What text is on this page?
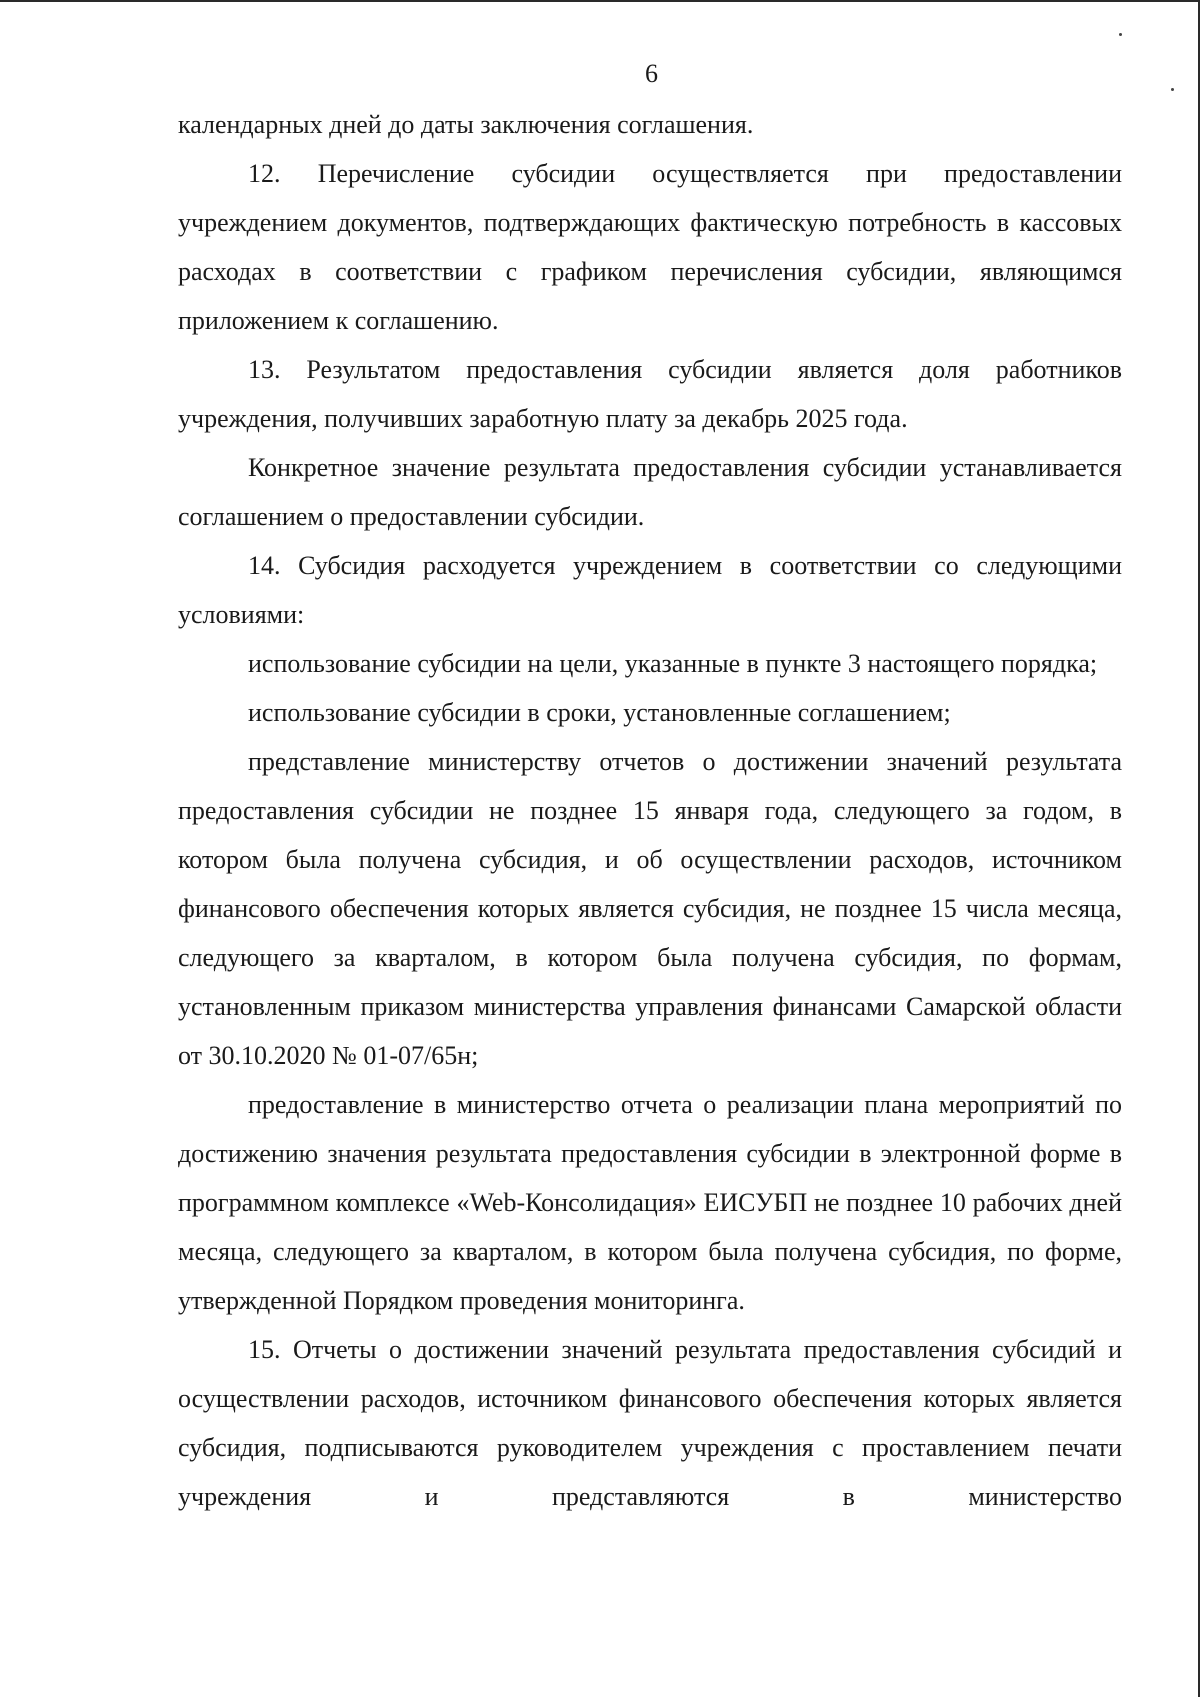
6

календарных дней до даты заключения соглашения.

12. Перечисление субсидии осуществляется при предоставлении учреждением документов, подтверждающих фактическую потребность в кассовых расходах в соответствии с графиком перечисления субсидии, являющимся приложением к соглашению.

13. Результатом предоставления субсидии является доля работников учреждения, получивших заработную плату за декабрь 2025 года.

Конкретное значение результата предоставления субсидии устанавливается соглашением о предоставлении субсидии.

14. Субсидия расходуется учреждением в соответствии со следующими условиями:

использование субсидии на цели, указанные в пункте 3 настоящего порядка;

использование субсидии в сроки, установленные соглашением;

представление министерству отчетов о достижении значений результата предоставления субсидии не позднее 15 января года, следующего за годом, в котором была получена субсидия, и об осуществлении расходов, источником финансового обеспечения которых является субсидия, не позднее 15 числа месяца, следующего за кварталом, в котором была получена субсидия, по формам, установленным приказом министерства управления финансами Самарской области от 30.10.2020 № 01-07/65н;

предоставление в министерство отчета о реализации плана мероприятий по достижению значения результата предоставления субсидии в электронной форме в программном комплексе «Web-Консолидация» ЕИСУБП не позднее 10 рабочих дней месяца, следующего за кварталом, в котором была получена субсидия, по форме, утвержденной Порядком проведения мониторинга.

15. Отчеты о достижении значений результата предоставления субсидий и осуществлении расходов, источником финансового обеспечения которых является субсидия, подписываются руководителем учреждения с проставлением печати учреждения и представляются в министерство
